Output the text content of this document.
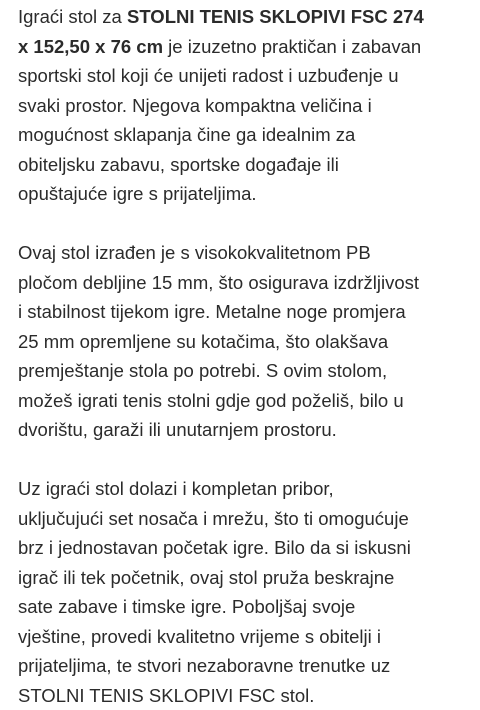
Igraći stol za STOLNI TENIS SKLOPIVI FSC 274
x 152,50 x 76 cm je izuzetno praktičan i zabavan
sportski stol koji će unijeti radost i uzbuđenje u
svaki prostor. Njegova kompaktna veličina i
mogućnost sklapanja čine ga idealnim za
obiteljsku zabavu, sportske događaje ili
opuštajuće igre s prijateljima.

Ovaj stol izrađen je s visokokvalitetnom PB
pločom debljine 15 mm, što osigurava izdržljivost
i stabilnost tijekom igre. Metalne noge promjera
25 mm opremljene su kotačima, što olakšava
premještanje stola po potrebi. S ovim stolom,
možeš igrati tenis stolni gdje god poželiš, bilo u
dvorištu, garaži ili unutarnjem prostoru.

Uz igraći stol dolazi i kompletan pribor,
uključujući set nosača i mrežu, što ti omogućuje
brz i jednostavan početak igre. Bilo da si iskusni
igrač ili tek početnik, ovaj stol pruža beskrajne
sate zabave i timske igre. Poboljšaj svoje
vještine, provedi kvalitetno vrijeme s obitelji i
prijateljima, te stvori nezaboravne trenutke uz
STOLNI TENIS SKLOPIVI FSC stol.
